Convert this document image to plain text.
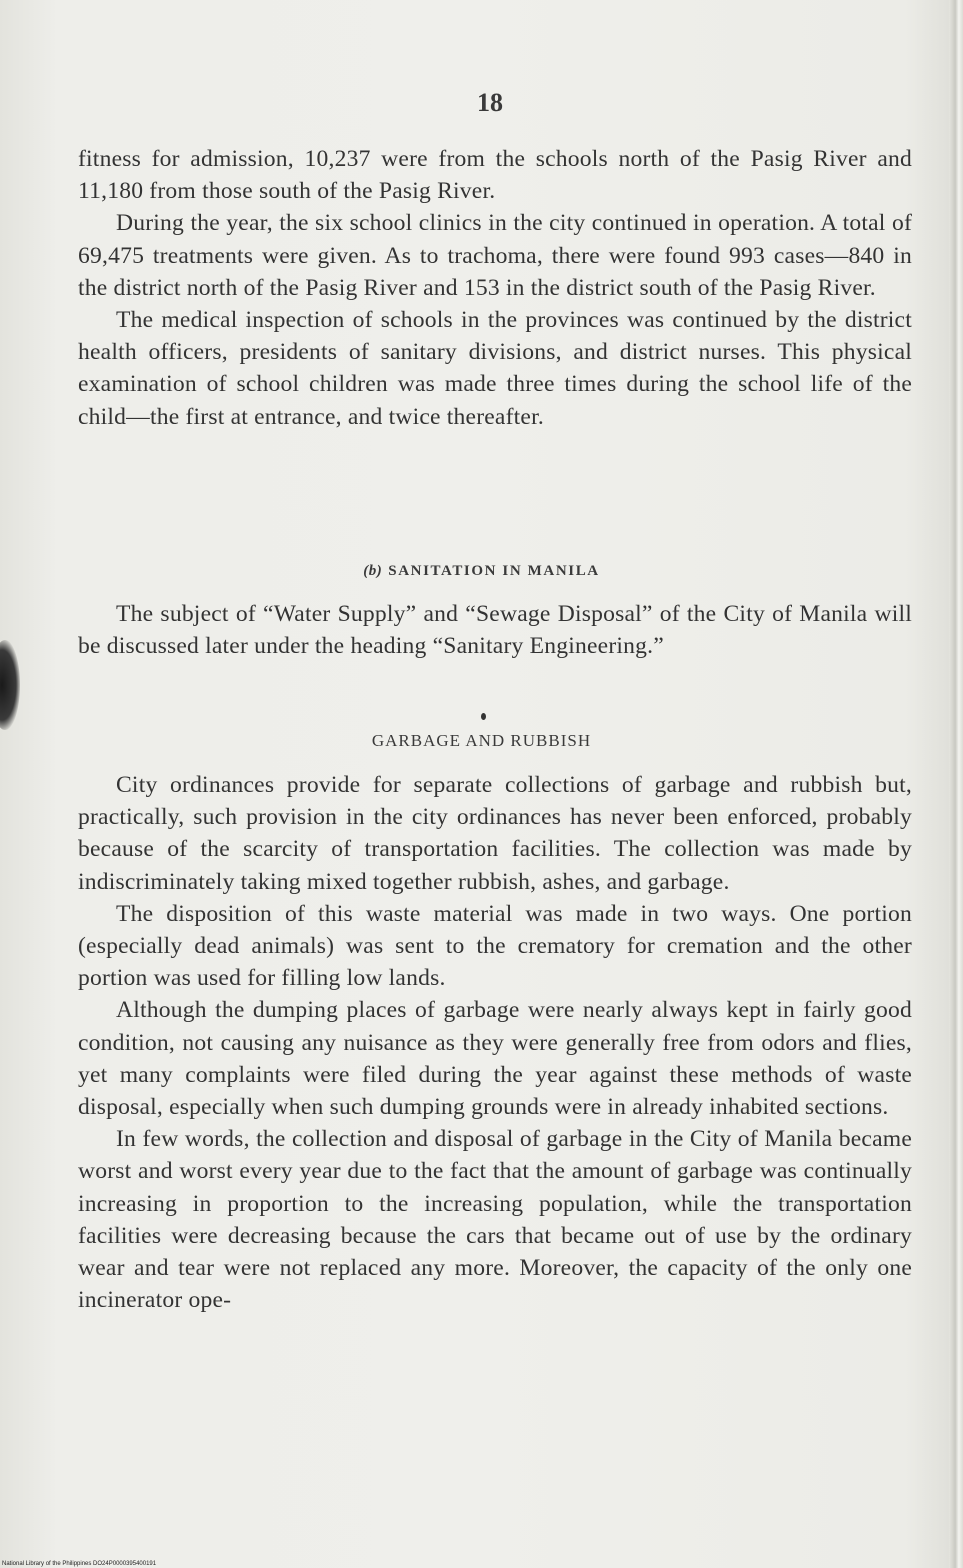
18

fitness for admission, 10,237 were from the schools north of the Pasig River and 11,180 from those south of the Pasig River.

During the year, the six school clinics in the city continued in operation. A total of 69,475 treatments were given. As to trachoma, there were found 993 cases—840 in the district north of the Pasig River and 153 in the district south of the Pasig River.

The medical inspection of schools in the provinces was continued by the district health officers, presidents of sanitary divisions, and district nurses. This physical examination of school children was made three times during the school life of the child—the first at entrance, and twice thereafter.

(b) SANITATION IN MANILA

The subject of “Water Supply” and “Sewage Disposal” of the City of Manila will be discussed later under the heading “Sanitary Engineering.”

GARBAGE AND RUBBISH

City ordinances provide for separate collections of garbage and rubbish but, practically, such provision in the city ordinances has never been enforced, probably because of the scarcity of transportation facilities. The collection was made by indiscriminately taking mixed together rubbish, ashes, and garbage.

The disposition of this waste material was made in two ways. One portion (especially dead animals) was sent to the crematory for cremation and the other portion was used for filling low lands.

Although the dumping places of garbage were nearly always kept in fairly good condition, not causing any nuisance as they were generally free from odors and flies, yet many complaints were filed during the year against these methods of waste disposal, especially when such dumping grounds were in already inhabited sections.

In few words, the collection and disposal of garbage in the City of Manila became worst and worst every year due to the fact that the amount of garbage was continually increasing in proportion to the increasing population, while the transportation facilities were decreasing because the cars that became out of use by the ordinary wear and tear were not replaced any more. Moreover, the capacity of the only one incinerator ope-

National Library of the Philippines DO24P0000395400191
